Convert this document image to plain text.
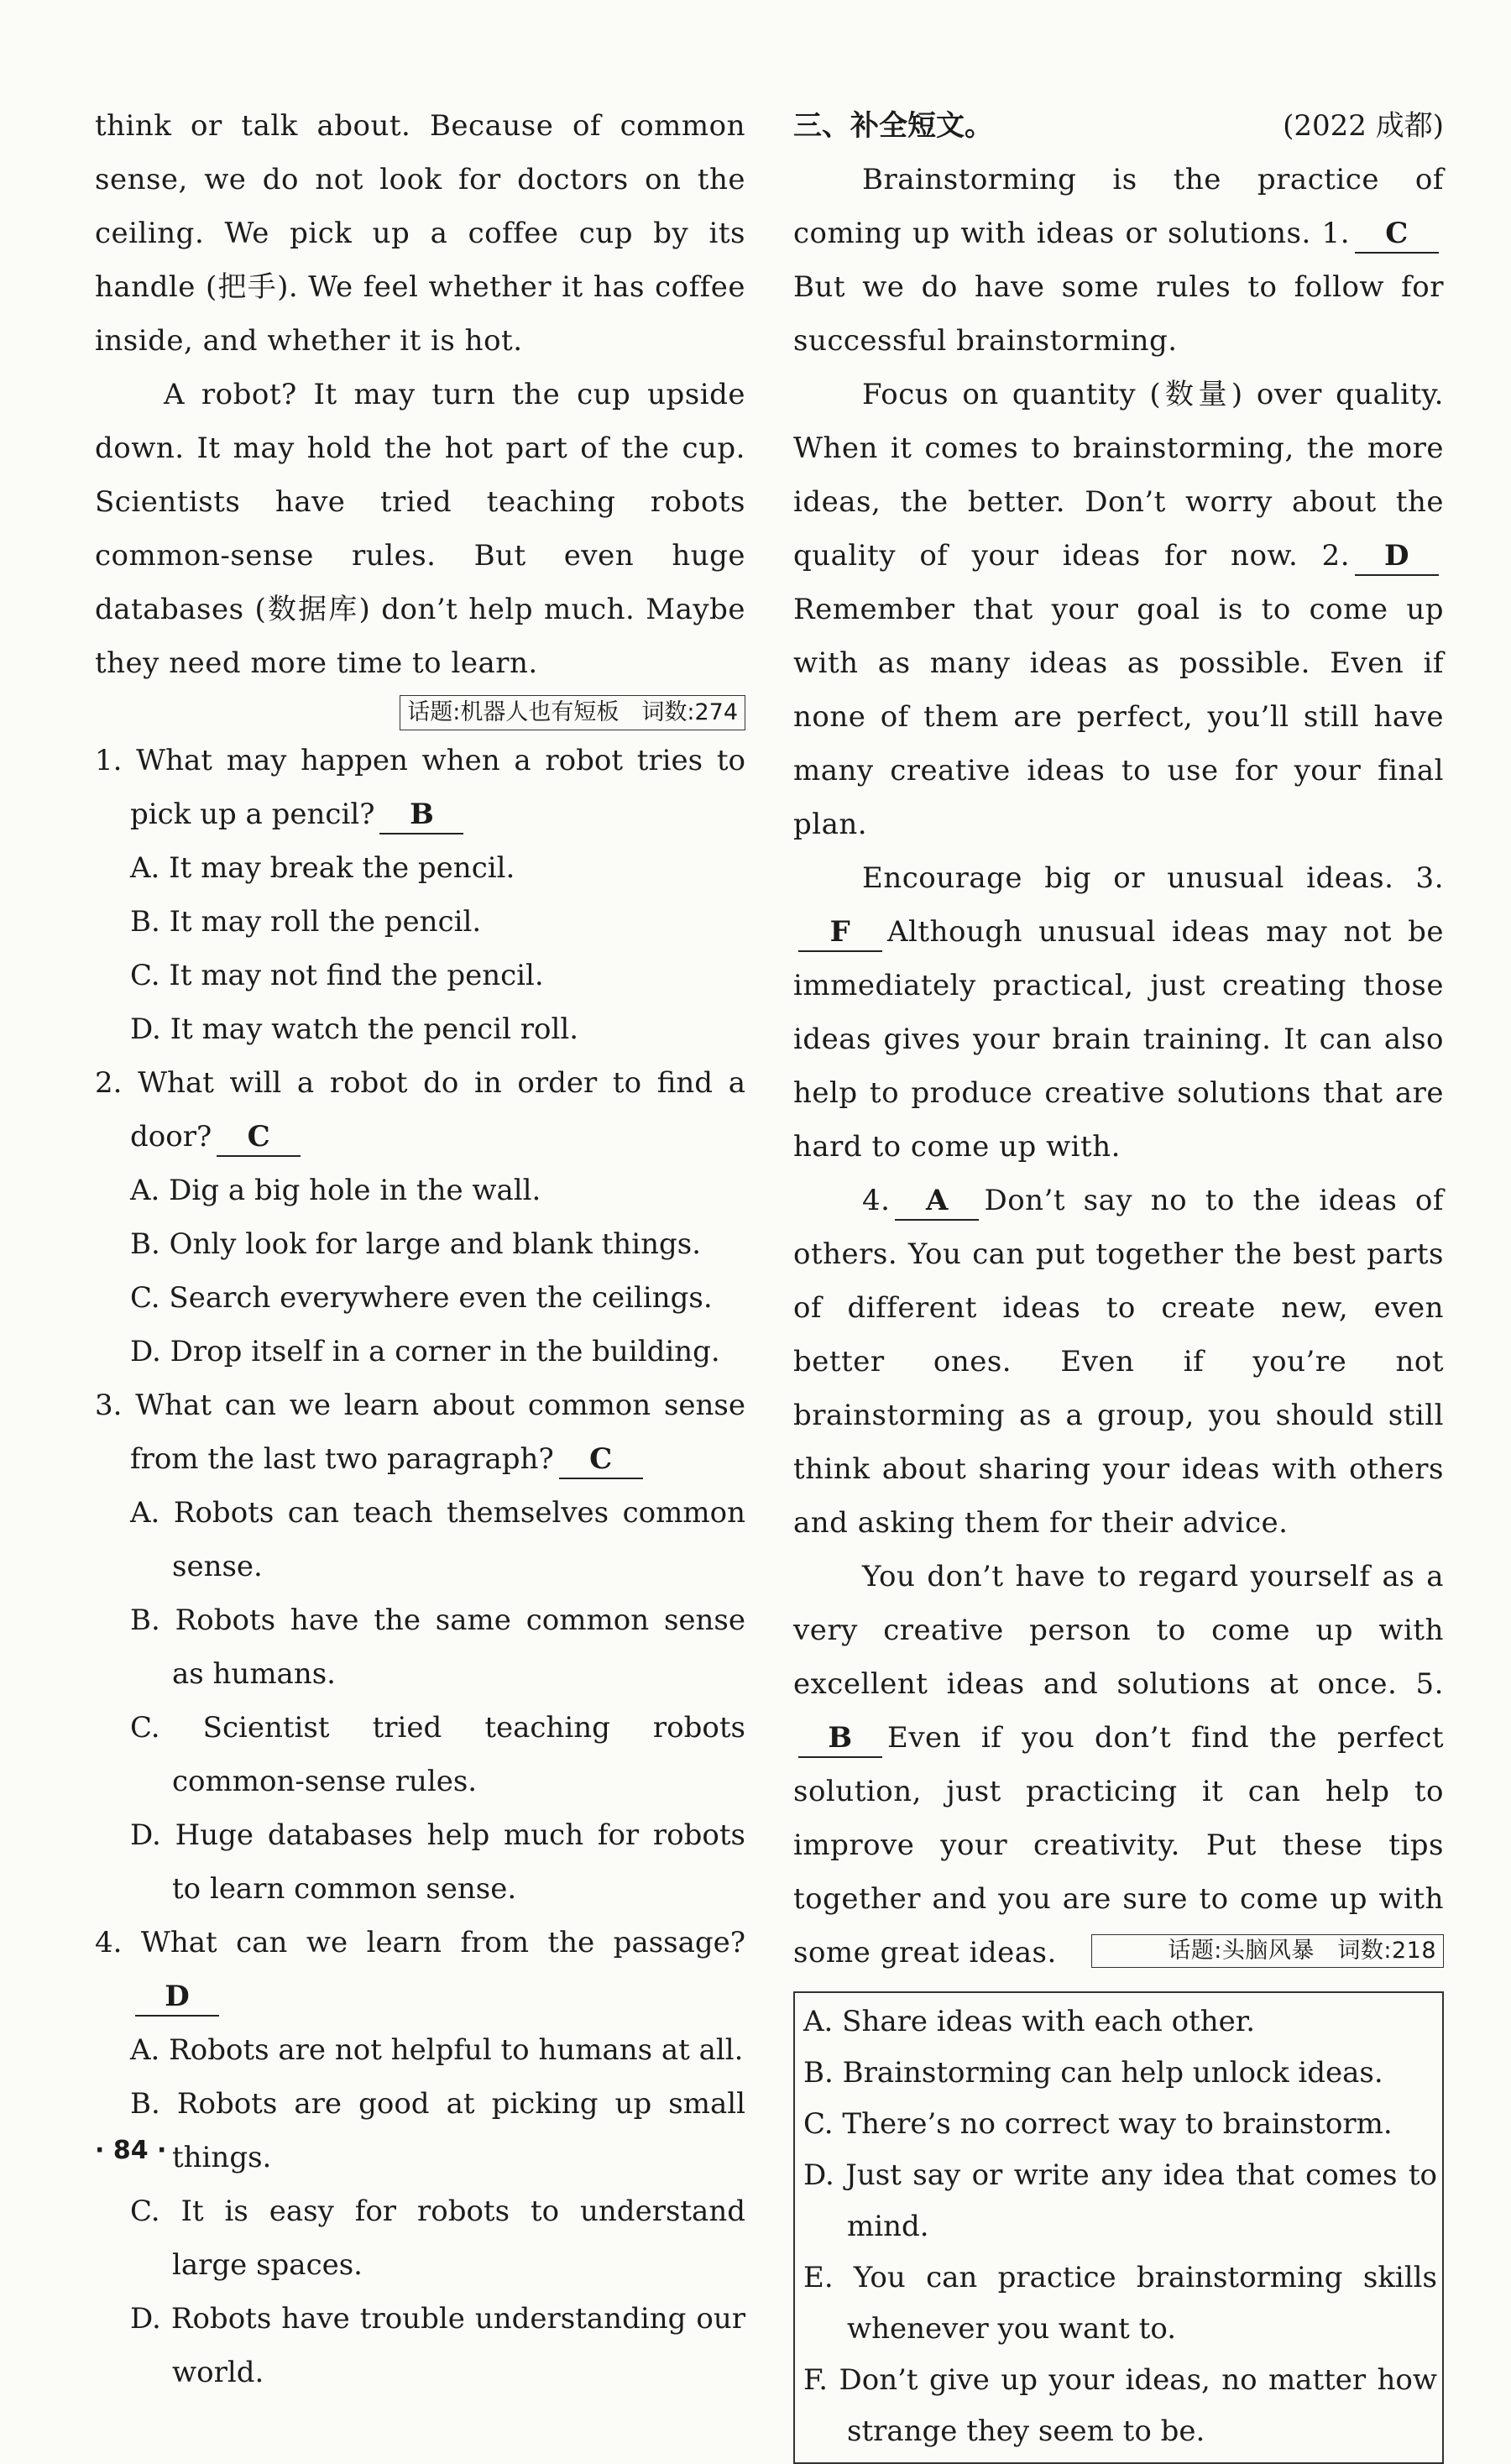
think or talk about. Because of common sense, we do not look for doctors on the ceiling. We pick up a coffee cup by its handle (把手). We feel whether it has coffee inside, and whether it is hot.

A robot? It may turn the cup upside down. It may hold the hot part of the cup. Scientists have tried teaching robots common-sense rules. But even huge databases (数据库) don’t help much. Maybe they need more time to learn.

话题:机器人也有短板　词数:274

1. What may happen when a robot tries to pick up a pencil? B

A. It may break the pencil.

B. It may roll the pencil.

C. It may not find the pencil.

D. It may watch the pencil roll.

2. What will a robot do in order to find a door? C

A. Dig a big hole in the wall.

B. Only look for large and blank things.

C. Search everywhere even the ceilings.

D. Drop itself in a corner in the building.

3. What can we learn about common sense from the last two paragraph? C

A. Robots can teach themselves common sense.

B. Robots have the same common sense as humans.

C. Scientist tried teaching robots common-sense rules.

D. Huge databases help much for robots to learn common sense.

4. What can we learn from the passage?D

A. Robots are not helpful to humans at all.

B. Robots are good at picking up small things.

C. It is easy for robots to understand large spaces.

D. Robots have trouble understanding our world.

三、补全短文。	(2022 成都)

Brainstorming is the practice of coming up with ideas or solutions. 1. CBut we do have some rules to follow for successful brainstorming.

Focus on quantity (数量) over quality. When it comes to brainstorming, the more ideas, the better. Don’t worry about the quality of your ideas for now. 2. DRemember that your goal is to come up with as many ideas as possible. Even if none of them are perfect, you’ll still have many creative ideas to use for your final plan.

Encourage big or unusual ideas. 3.F Although unusual ideas may not be immediately practical, just creating those ideas gives your brain training. It can also help to produce creative solutions that are hard to come up with.

4. A Don’t say no to the ideas of others. You can put together the best parts of different ideas to create new, even better ones. Even if you’re not brainstorming as a group, you should still think about sharing your ideas with others and asking them for their advice.

You don’t have to regard yourself as a very creative person to come up with excellent ideas and solutions at once. 5.B Even if you don’t find the perfect solution, just practicing it can help to improve your creativity. Put these tips together and you are sure to come up with some great ideas.	话题:头脑风暴　词数:218

A. Share ideas with each other.

B. Brainstorming can help unlock ideas.

C. There’s no correct way to brainstorm.

D. Just say or write any idea that comes to mind.

E. You can practice brainstorming skills whenever you want to.

F. Don’t give up your ideas, no matter how strange they seem to be.

· 84 ·
